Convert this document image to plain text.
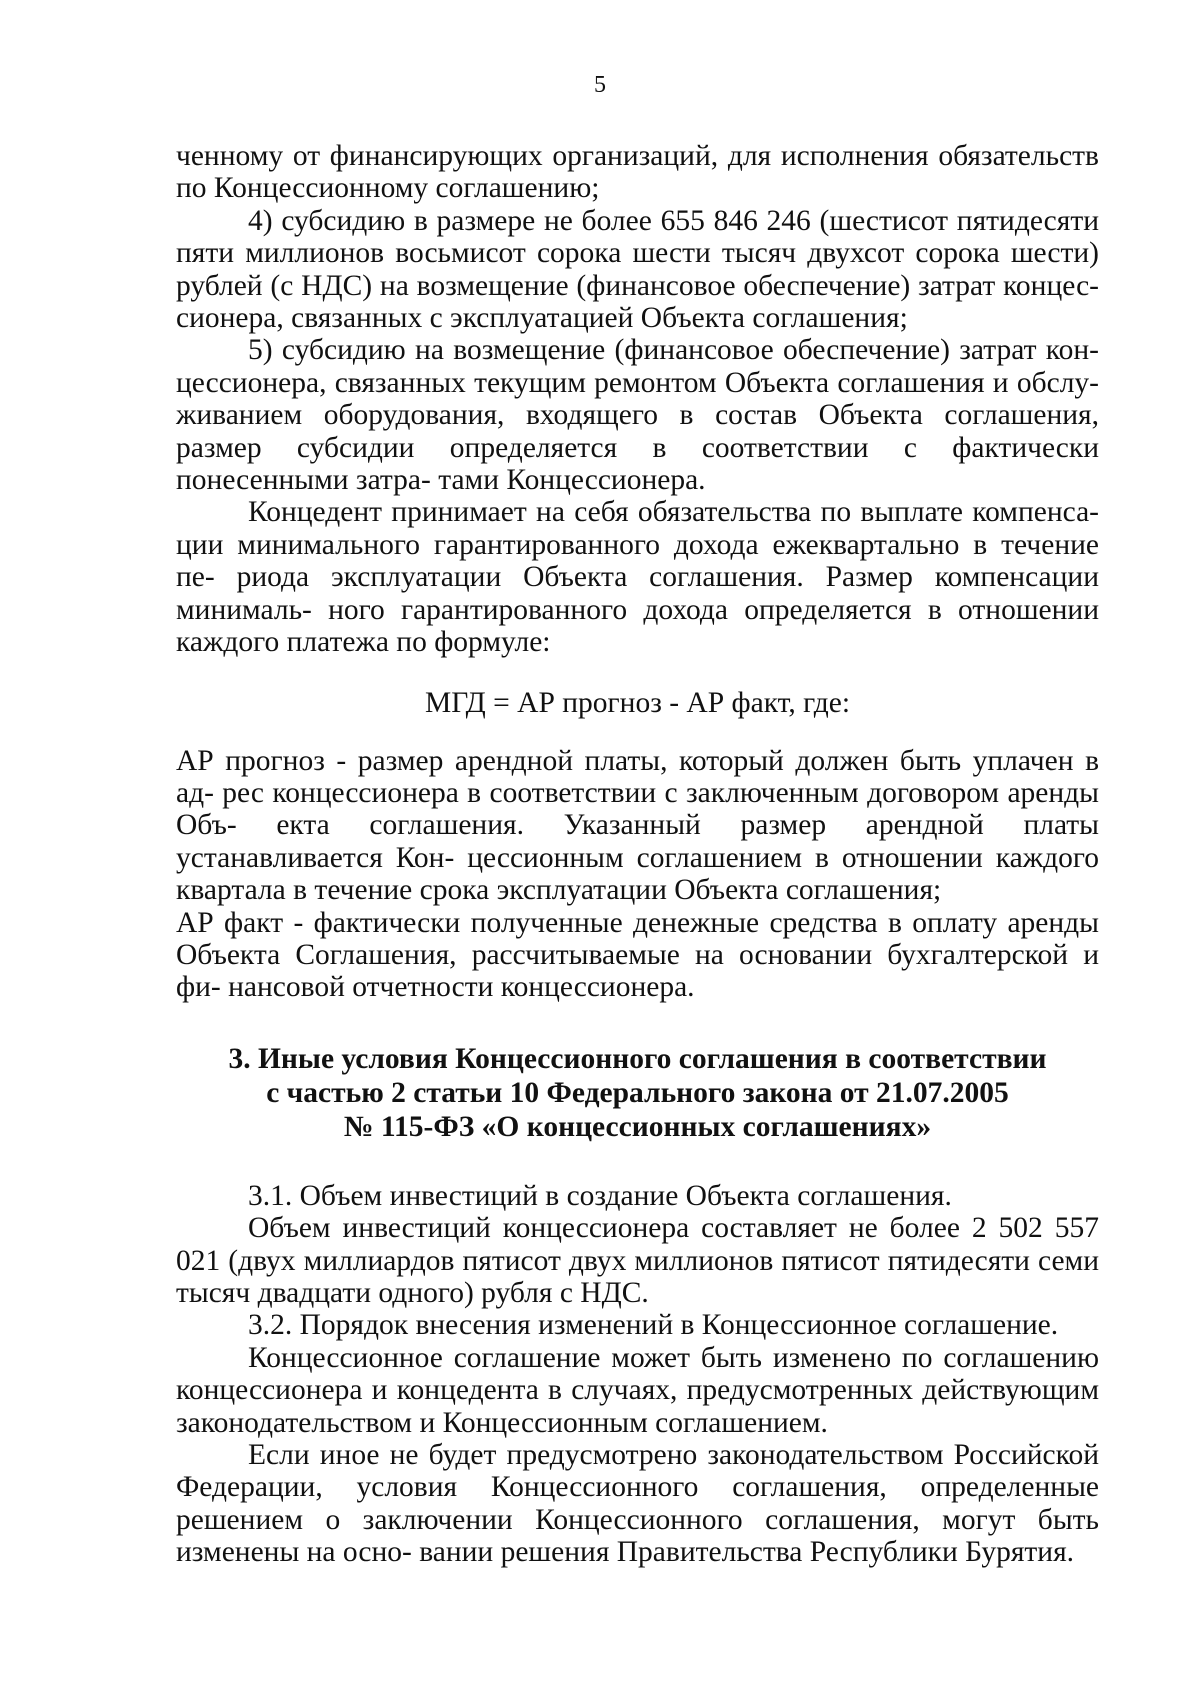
5

ченному от финансирующих организаций, для исполнения обязательств по Концессионному соглашению;

4) субсидию в размере не более 655 846 246 (шестисот пятидесяти пяти миллионов восьмисот сорока шести тысяч двухсот сорока шести) рублей (с НДС) на возмещение (финансовое обеспечение) затрат концес- сионера, связанных с эксплуатацией Объекта соглашения;

5) субсидию на возмещение (финансовое обеспечение) затрат кон- цессионера, связанных текущим ремонтом Объекта соглашения и обслу- живанием оборудования, входящего в состав Объекта соглашения, размер субсидии определяется в соответствии с фактически понесенными затра- тами Концессионера.

Концедент принимает на себя обязательства по выплате компенса- ции минимального гарантированного дохода ежеквартально в течение пе- риода эксплуатации Объекта соглашения. Размер компенсации минималь- ного гарантированного дохода определяется в отношении каждого платежа по формуле:

МГД = АР прогноз - АР факт, где:

АР прогноз - размер арендной платы, который должен быть уплачен в ад- рес концессионера в соответствии с заключенным договором аренды Объ- екта соглашения. Указанный размер арендной платы устанавливается Кон- цессионным соглашением в отношении каждого квартала в течение срока эксплуатации Объекта соглашения;

АР факт - фактически полученные денежные средства в оплату аренды Объекта Соглашения, рассчитываемые на основании бухгалтерской и фи- нансовой отчетности концессионера.

3. Иные условия Концессионного соглашения в соответствии
с частью 2 статьи 10 Федерального закона от 21.07.2005
№ 115-ФЗ «О концессионных соглашениях»

3.1. Объем инвестиций в создание Объекта соглашения.

Объем инвестиций концессионера составляет не более 2 502 557 021 (двух миллиардов пятисот двух миллионов пятисот пятидесяти семи тысяч двадцати одного) рубля с НДС.

3.2. Порядок внесения изменений в Концессионное соглашение.

Концессионное соглашение может быть изменено по соглашению концессионера и концедента в случаях, предусмотренных действующим законодательством и Концессионным соглашением.

Если иное не будет предусмотрено законодательством Российской Федерации, условия Концессионного соглашения, определенные решением о заключении Концессионного соглашения, могут быть изменены на осно- вании решения Правительства Республики Бурятия.
